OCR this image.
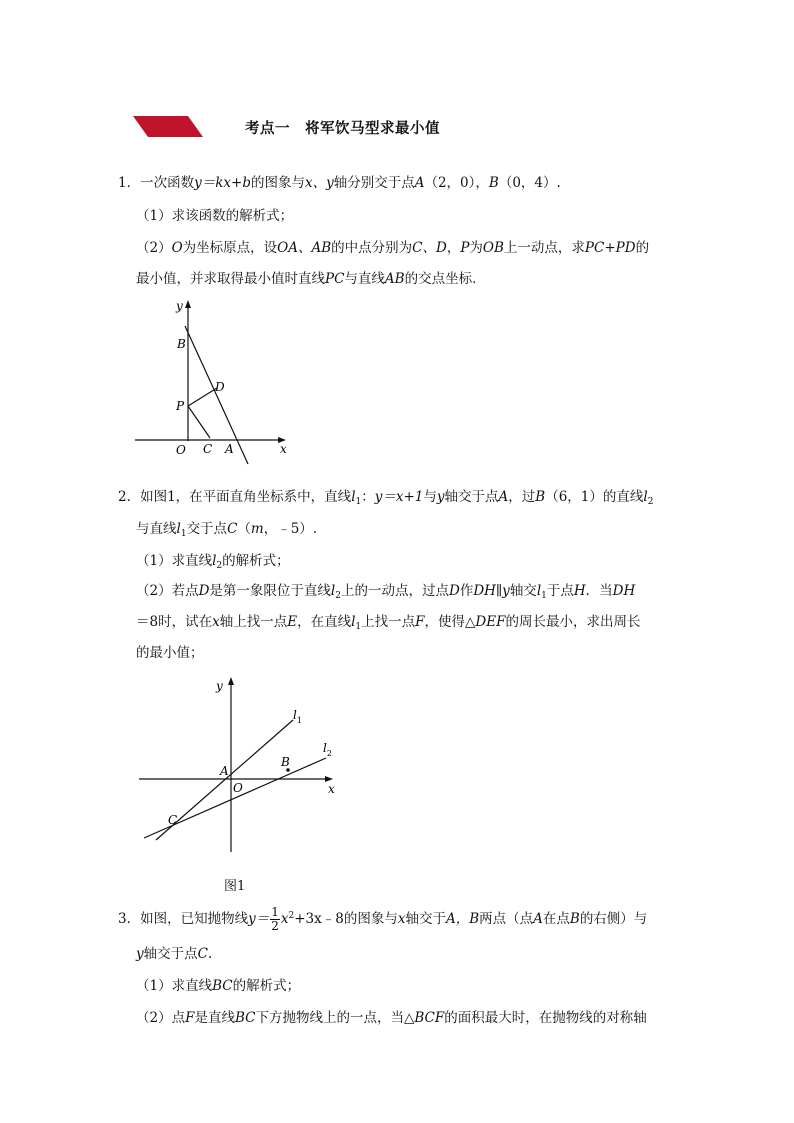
考点一　将军饮马型求最小值
1．一次函数y＝kx+b的图象与x、y轴分别交于点A（2，0），B（0，4）.
（1）求该函数的解析式；
（2）O为坐标原点，设OA、AB的中点分别为C、D，P为OB上一动点，求PC+PD的
最小值，并求取得最小值时直线PC与直线AB的交点坐标．
y
x
B
D
P
O C A
2．如图1，在平面直角坐标系中，直线$l_1$：y＝x+1与y轴交于点A，过B（6，1）的直线$l_2$
与直线$l_1$交于点C（m，﹣5）.
（1）求直线$l_2$的解析式；
（2）若点D是第一象限位于直线$l_2$上的一动点，过点D作DH∥y轴交$l_1$于点H．当DH
＝8时，试在x轴上找一点E，在直线$l_1$上找一点F，使得△DEF的周长最小，求出周长
的最小值；
y
x
$l_1$
$l_2$
A
B
O
C
图1
3．如图，已知抛物线$y= \frac{1}{2}$ $x^2+3x﹣8$的图象与x轴交于A，B两点（点A在点B的右侧）与
y轴交于点C.
（1）求直线BC的解析式；
（2）点F是直线BC下方抛物线上的一点，当△BCF的面积最大时，在抛物线的对称轴
